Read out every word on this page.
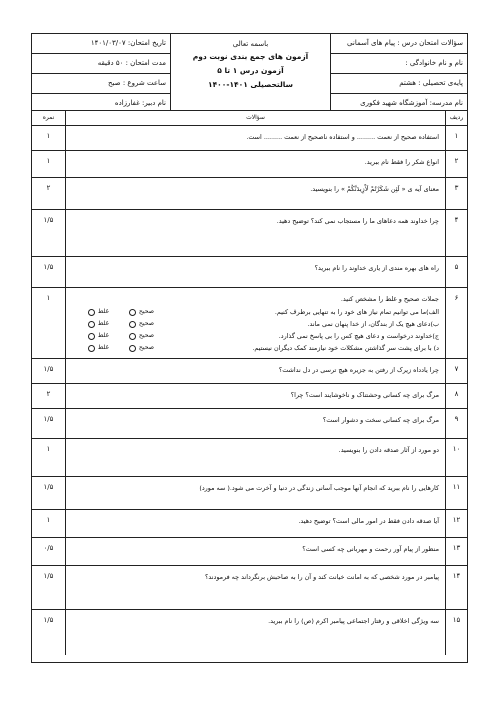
سؤالات امتحان درس : پیام های آسمانی
نام و نام خانوادگی :
پایه‌ی تحصیلی : هشتم
نام مدرسه: آموزشگاه شهید فکوری
باسمه تعالی
آزمون های جمع بندی نوبت دوم
آزمون درس ۱ تا ۵
سالتحصیلی ۱۴۰۱-۱۴۰۰
تاریخ امتحان: ۱۴۰۱/۰۳/۰۷
مدت امتحان : ۵۰ دقیقه
ساعت شروع : صبح
نام دبیر: غفارزاده
ردیف
سؤالات
نمره
۱
استفاده صحیح از نعمت ......... و استفاده ناصحیح از نعمت ......... است.
۱
۲
انواع شکر را فقط نام ببرید.
۱
۳
معنای آیه ی « لَئِن شَكَرْتُمْ لَأَزِيدَنَّكُمْ » را بنویسید.
۲
۴
چرا خداوند همه دعاهای ما را مستجاب نمی کند؟ توضیح دهید.
۱/۵
۵
راه های بهره مندی از یاری خداوند را نام ببرید؟
۱/۵
۶
جملات صحیح و غلط را مشخص کنید.
الف)ما می توانیم تمام نیاز های خود را به تنهایی برطرف کنیم.
صحیح
غلط
ب)دعای هیچ یک از بندگان، از خدا پنهان نمی ماند.
صحیح
غلط
ج)خداوند درخواست و دعای هیچ کس را بی پاسخ نمی گذارد.
صحیح
غلط
د) با برای پشت سر گذاشتن مشکلات خود نیازمند کمک دیگران نیستیم.
صحیح
غلط
۱
۷
چرا یادداه زیرک از رفتن به جزیره هیچ ترسی در دل نداشت؟
۱/۵
۸
مرگ برای چه کسانی وحشتناک و ناخوشایند است؟ چرا؟
۲
۹
مرگ برای چه کسانی سخت و دشوار است؟
۱/۵
۱۰
دو مورد از آثار صدقه دادن را بنویسید.
۱
۱۱
کارهایی را نام ببرید که انجام آنها موجب آسانی زندگی در دنیا و آخرت می شود.( سه مورد)
۱/۵
۱۲
آیا صدقه دادن فقط در امور مالی است؟ توضیح دهید.
۱
۱۳
منظور از پیام آور رحمت و مهربانی چه کسی است؟
۰/۵
۱۴
پیامبر در مورد شخصی که به امانت خیانت کند و آن را به صاحبش برنگرداند چه فرمودند؟
۱/۵
۱۵
سه ویژگی اخلاقی و رفتار اجتماعی پیامبر اکرم (ص) را نام ببرید.
۱/۵
